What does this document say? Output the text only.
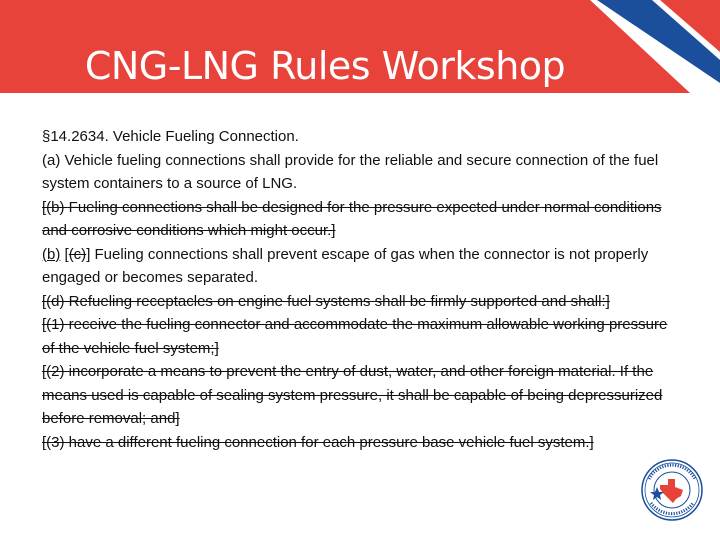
CNG-LNG Rules Workshop

§14.2634. Vehicle Fueling Connection.

(a) Vehicle fueling connections shall provide for the reliable and secure connection of the fuel system containers to a source of LNG.

[(b) Fueling connections shall be designed for the pressure expected under normal conditions and corrosive conditions which might occur.]

(b) [(c)] Fueling connections shall prevent escape of gas when the connector is not properly engaged or becomes separated.

[(d) Refueling receptacles on engine fuel systems shall be firmly supported and shall:]

[(1) receive the fueling connector and accommodate the maximum allowable working pressure of the vehicle fuel system;]

[(2) incorporate a means to prevent the entry of dust, water, and other foreign material. If the means used is capable of sealing system pressure, it shall be capable of being depressurized before removal; and]

[(3) have a different fueling connection for each pressure base vehicle fuel system.]
